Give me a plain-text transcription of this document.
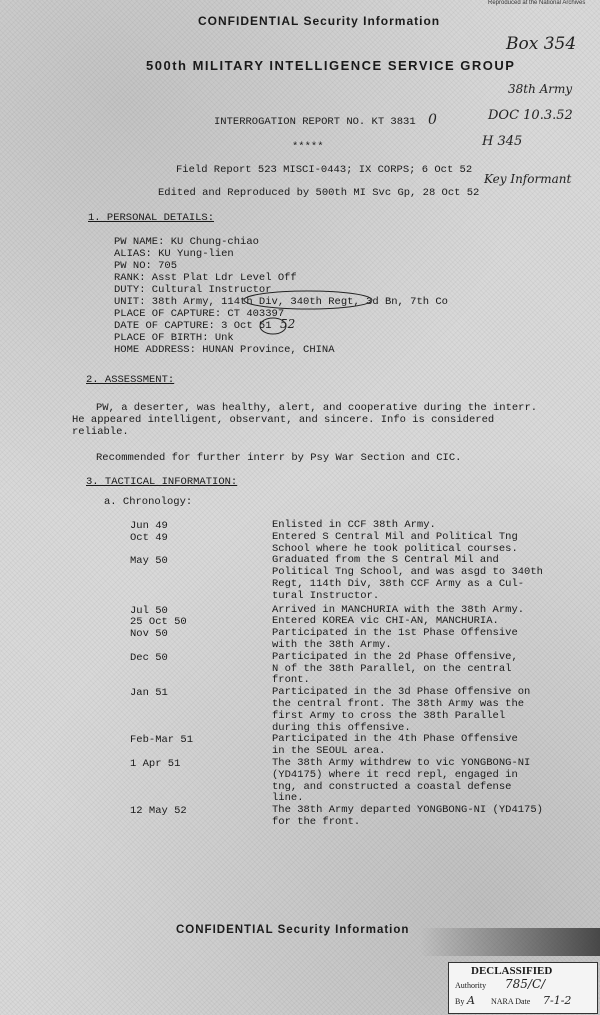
Reproduced at the National Archives
CONFIDENTIAL Security Information
500th MILITARY INTELLIGENCE SERVICE GROUP
INTERROGATION REPORT NO. KT 3831
*****
Field Report 523 MISCI-0443; IX CORPS; 6 Oct 52
Edited and Reproduced by 500th MI Svc Gp, 28 Oct 52
Box 354
38th Army
DOC 10.3.52
H 345
Key Informant
0
1. PERSONAL DETAILS:
PW NAME: KU Chung-chiao
ALIAS: KU Yung-lien
PW NO: 705
RANK: Asst Plat Ldr Level Off
DUTY: Cultural Instructor
UNIT: 38th Army, 114th Div, 340th Regt, 3d Bn, 7th Co
PLACE OF CAPTURE: CT 403397
DATE OF CAPTURE: 3 Oct 51 52
PLACE OF BIRTH: Unk
HOME ADDRESS: HUNAN Province, CHINA
2. ASSESSMENT:
PW, a deserter, was healthy, alert, and cooperative during the interr.
He appeared intelligent, observant, and sincere. Info is considered
reliable.
Recommended for further interr by Psy War Section and CIC.
3. TACTICAL INFORMATION:
a. Chronology:
CONFIDENTIAL Security Information
DECLASSIFIED
Authority 785/C/
By A NARA Date 7-1-2
Jun 49	Enlisted in CCF 38th Army.
Oct 49	Entered S Central Mil and Political Tng
School where he took political courses.
May 50	Graduated from the S Central Mil and
Political Tng School, and was asgd to 340th
Regt, 114th Div, 38th CCF Army as a Cul-
tural Instructor.
Jul 50	Arrived in MANCHURIA with the 38th Army.
25 Oct 50	Entered KOREA vic CHI-AN, MANCHURIA.
Nov 50	Participated in the 1st Phase Offensive
with the 38th Army.
Dec 50	Participated in the 2d Phase Offensive,
N of the 38th Parallel, on the central
front.
Jan 51	Participated in the 3d Phase Offensive on
the central front. The 38th Army was the
first Army to cross the 38th Parallel
during this offensive.
Feb-Mar 51	Participated in the 4th Phase Offensive
in the SEOUL area.
1 Apr 51	The 38th Army withdrew to vic YONGBONG-NI
(YD4175) where it recd repl, engaged in
tng, and constructed a coastal defense
line.
12 May 52	The 38th Army departed YONGBONG-NI (YD4175)
for the front.
